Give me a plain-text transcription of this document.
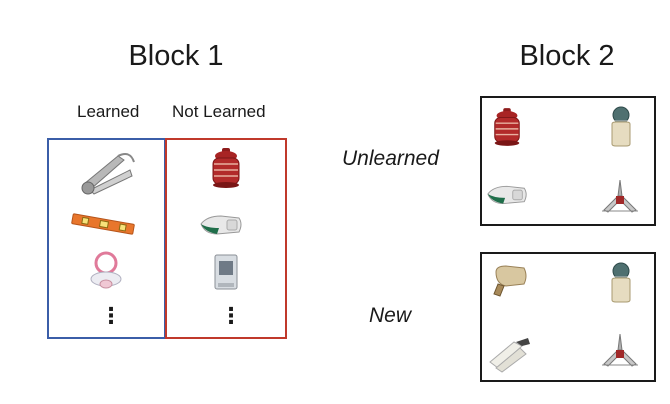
Block 1
Learned Not Learned
⋮	⋮
Block 2
Unlearned
New
